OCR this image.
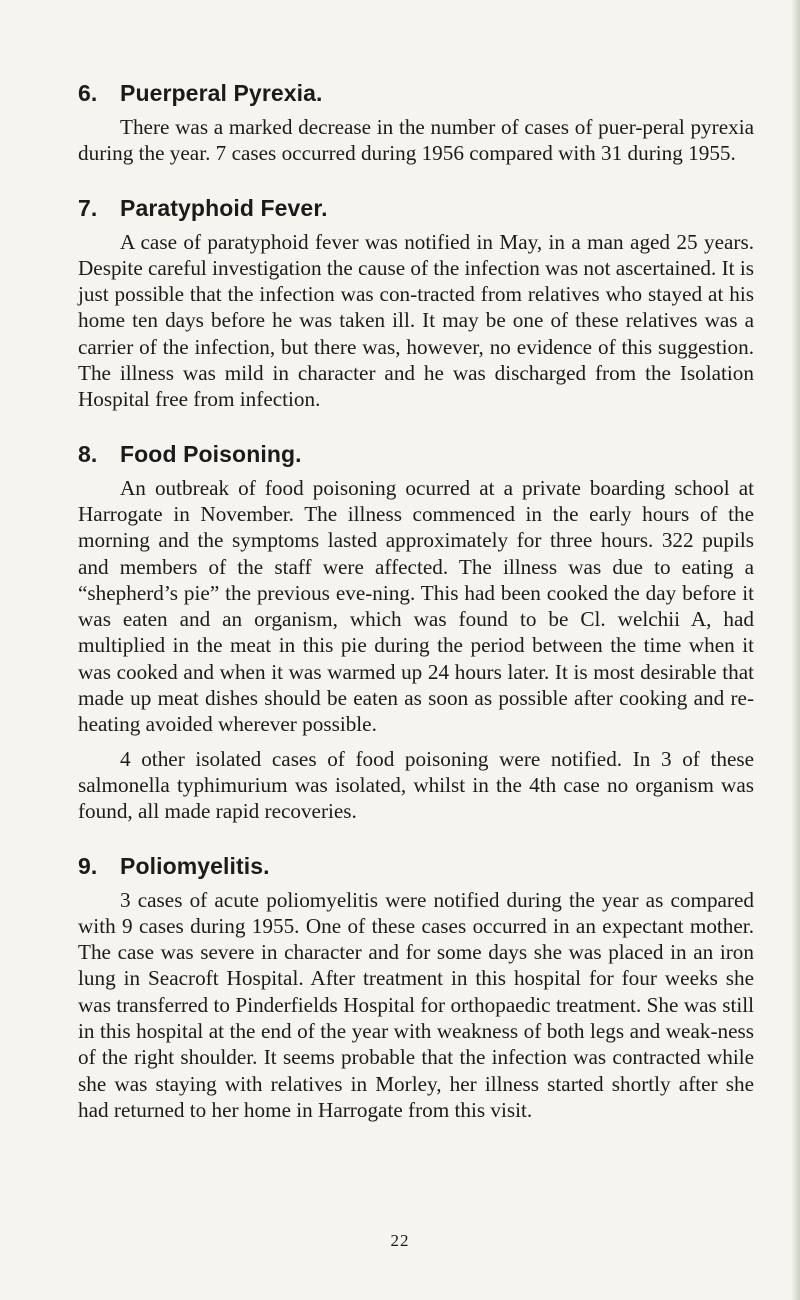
6. Puerperal Pyrexia.

There was a marked decrease in the number of cases of puer-peral pyrexia during the year. 7 cases occurred during 1956 compared with 31 during 1955.

7. Paratyphoid Fever.

A case of paratyphoid fever was notified in May, in a man aged 25 years. Despite careful investigation the cause of the infection was not ascertained. It is just possible that the infection was con-tracted from relatives who stayed at his home ten days before he was taken ill. It may be one of these relatives was a carrier of the infection, but there was, however, no evidence of this suggestion. The illness was mild in character and he was discharged from the Isolation Hospital free from infection.

8. Food Poisoning.

An outbreak of food poisoning ocurred at a private boarding school at Harrogate in November. The illness commenced in the early hours of the morning and the symptoms lasted approximately for three hours. 322 pupils and members of the staff were affected. The illness was due to eating a “shepherd’s pie” the previous eve-ning. This had been cooked the day before it was eaten and an organism, which was found to be Cl. welchii A, had multiplied in the meat in this pie during the period between the time when it was cooked and when it was warmed up 24 hours later. It is most desirable that made up meat dishes should be eaten as soon as possible after cooking and re-heating avoided wherever possible.

4 other isolated cases of food poisoning were notified. In 3 of these salmonella typhimurium was isolated, whilst in the 4th case no organism was found, all made rapid recoveries.

9. Poliomyelitis.

3 cases of acute poliomyelitis were notified during the year as compared with 9 cases during 1955. One of these cases occurred in an expectant mother. The case was severe in character and for some days she was placed in an iron lung in Seacroft Hospital. After treatment in this hospital for four weeks she was transferred to Pinderfields Hospital for orthopaedic treatment. She was still in this hospital at the end of the year with weakness of both legs and weak-ness of the right shoulder. It seems probable that the infection was contracted while she was staying with relatives in Morley, her illness started shortly after she had returned to her home in Harrogate from this visit.

22
